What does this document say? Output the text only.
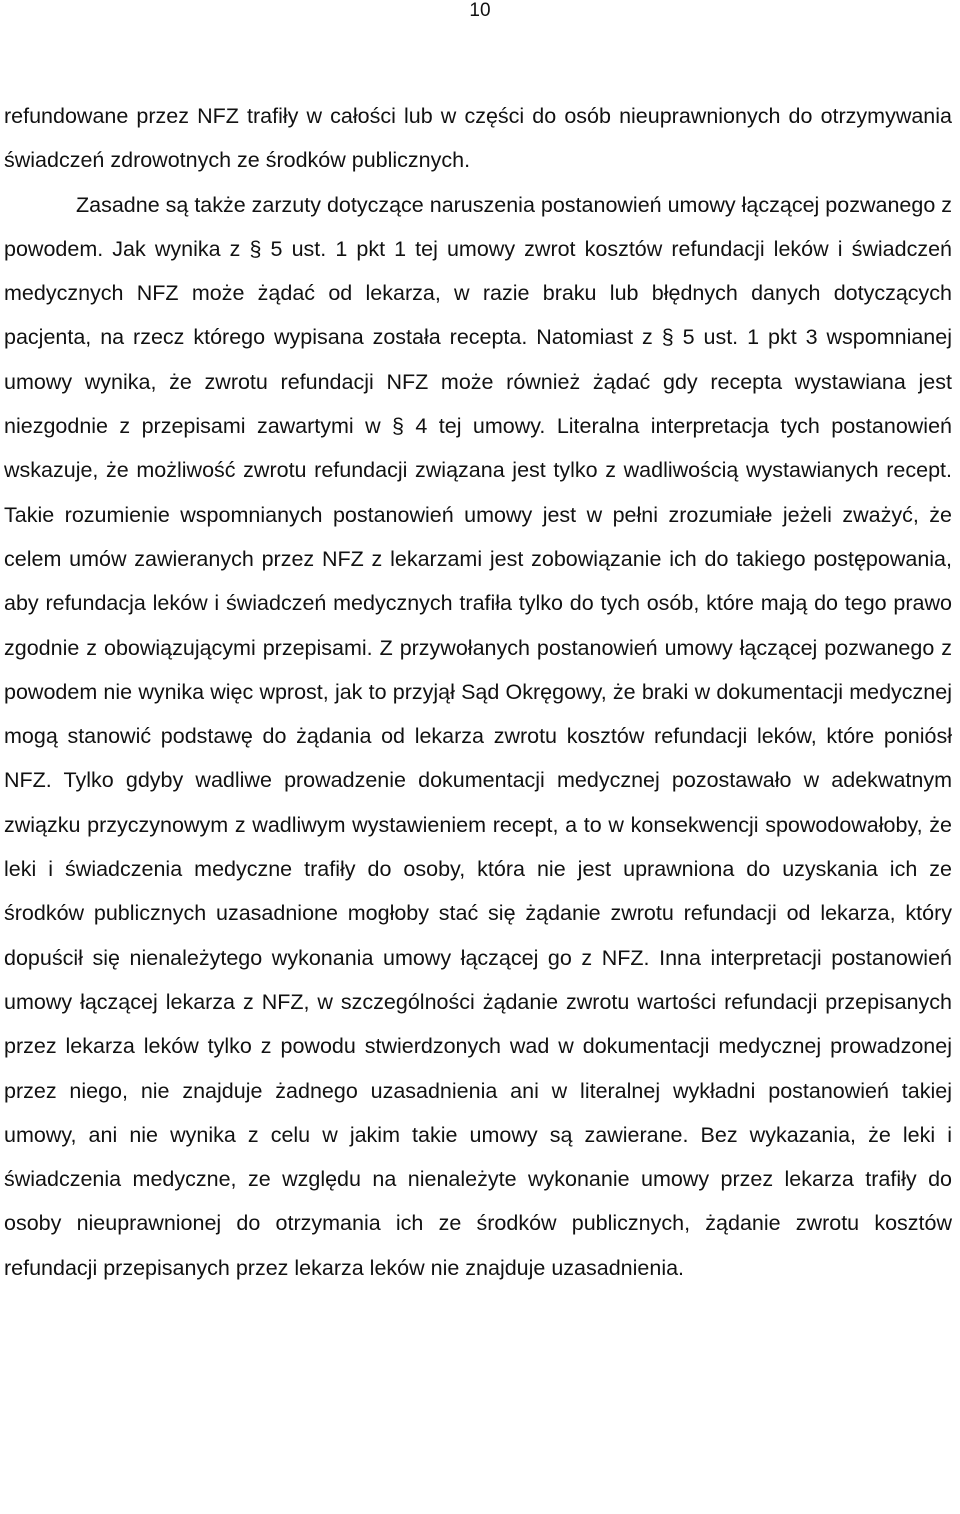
10

refundowane przez NFZ trafiły w całości lub w części do osób nieuprawnionych do otrzymywania świadczeń zdrowotnych ze środków publicznych.

Zasadne są także zarzuty dotyczące naruszenia postanowień umowy łączącej pozwanego z powodem. Jak wynika z § 5 ust. 1 pkt 1 tej umowy zwrot kosztów refundacji leków i świadczeń medycznych NFZ może żądać od lekarza, w razie braku lub błędnych danych dotyczących pacjenta, na rzecz którego wypisana została recepta. Natomiast z § 5 ust. 1 pkt 3 wspomnianej umowy wynika, że zwrotu refundacji NFZ może również żądać gdy recepta wystawiana jest niezgodnie z przepisami zawartymi w § 4 tej umowy. Literalna interpretacja tych postanowień wskazuje, że możliwość zwrotu refundacji związana jest tylko z wadliwością wystawianych recept. Takie rozumienie wspomnianych postanowień umowy jest w pełni zrozumiałe jeżeli zważyć, że celem umów zawieranych przez NFZ z lekarzami jest zobowiązanie ich do takiego postępowania, aby refundacja leków i świadczeń medycznych trafiła tylko do tych osób, które mają do tego prawo zgodnie z obowiązującymi przepisami. Z przywołanych postanowień umowy łączącej pozwanego z powodem nie wynika więc wprost, jak to przyjął Sąd Okręgowy, że braki w dokumentacji medycznej mogą stanowić podstawę do żądania od lekarza zwrotu kosztów refundacji leków, które poniósł NFZ. Tylko gdyby wadliwe prowadzenie dokumentacji medycznej pozostawało w adekwatnym związku przyczynowym z wadliwym wystawieniem recept, a to w konsekwencji spowodowałoby, że leki i świadczenia medyczne trafiły do osoby, która nie jest uprawniona do uzyskania ich ze środków publicznych uzasadnione mogłoby stać się żądanie zwrotu refundacji od lekarza, który dopuścił się nienależytego wykonania umowy łączącej go z NFZ. Inna interpretacji postanowień umowy łączącej lekarza z NFZ, w szczególności żądanie zwrotu wartości refundacji przepisanych przez lekarza leków tylko z powodu stwierdzonych wad w dokumentacji medycznej prowadzonej przez niego, nie znajduje żadnego uzasadnienia ani w literalnej wykładni postanowień takiej umowy, ani nie wynika z celu w jakim takie umowy są zawierane. Bez wykazania, że leki i świadczenia medyczne, ze względu na nienależyte wykonanie umowy przez lekarza trafiły do osoby nieuprawnionej do otrzymania ich ze środków publicznych, żądanie zwrotu kosztów refundacji przepisanych przez lekarza leków nie znajduje uzasadnienia.
